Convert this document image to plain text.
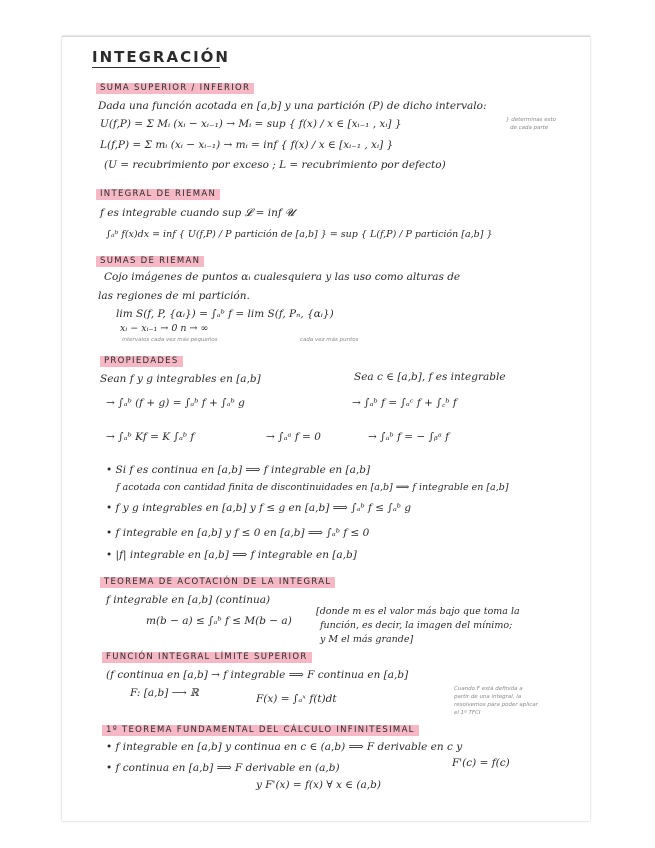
INTEGRACIÓN
SUMA SUPERIOR / INFERIOR
Dada una función acotada en [a,b] y una partición (P) de dicho intervalo:
U(f,P) = Σ Mᵢ (xᵢ − xᵢ₋₁) → Mᵢ = sup { f(x) / x ∈ [xᵢ₋₁ , xᵢ] }
L(f,P) = Σ mᵢ (xᵢ − xᵢ₋₁) → mᵢ = inf { f(x) / x ∈ [xᵢ₋₁ , xᵢ] }
(U = recubrimiento por exceso ; L = recubrimiento por defecto)
} determinas esto
de cada parte
INTEGRAL DE RIEMAN
f es integrable cuando sup 𝓛 = inf 𝓤
∫ₐᵇ f(x)dx = inf { U(f,P) / P partición de [a,b] } = sup { L(f,P) / P partición [a,b] }
SUMAS DE RIEMAN
Cojo imágenes de puntos αᵢ cualesquiera y las uso como alturas de
las regiones de mi partición.
lim S(f, P, {αᵢ}) = ∫ₐᵇ f = lim S(f, Pₙ, {αᵢ})
xᵢ − xᵢ₋₁ → 0 n → ∞
intervalos cada vez más pequeños	cada vez más puntos
PROPIEDADES
Sean f y g integrables en [a,b]	Sea c ∈ [a,b], f es integrable
→ ∫ₐᵇ (f + g) = ∫ₐᵇ f + ∫ₐᵇ g	→ ∫ₐᵇ f = ∫ₐᶜ f + ∫꜀ᵇ f
→ ∫ₐᵇ Kf = K ∫ₐᵇ f	→ ∫ₐᵃ f = 0	→ ∫ₐᵇ f = − ∫ᵦᵃ f
• Si f es continua en [a,b] ⟹ f integrable en [a,b]
f acotada con cantidad finita de discontinuidades en [a,b] ⟹ f integrable en [a,b]
• f y g integrables en [a,b] y f ≤ g en [a,b] ⟹ ∫ₐᵇ f ≤ ∫ₐᵇ g
• f integrable en [a,b] y f ≤ 0 en [a,b] ⟹ ∫ₐᵇ f ≤ 0
• |f| integrable en [a,b] ⟹ f integrable en [a,b]
TEOREMA DE ACOTACIÓN DE LA INTEGRAL
f integrable en [a,b] (continua)
m(b − a) ≤ ∫ₐᵇ f ≤ M(b − a)
[donde m es el valor más bajo que toma la
función, es decir, la imagen del mínimo;
y M el más grande]
FUNCIÓN INTEGRAL LÍMITE SUPERIOR
(f continua en [a,b] → f integrable ⟹ F continua en [a,b]
F: [a,b] ⟶ ℝ	F(x) = ∫ₐˣ f(t)dt
Cuando F está definida a
partir de una integral, la
resolvemos para poder aplicar
el 1º TFCI
1º TEOREMA FUNDAMENTAL DEL CÁLCULO INFINITESIMAL
• f integrable en [a,b] y continua en c ∈ (a,b) ⟹ F derivable en c y
F'(c) = f(c)
• f continua en [a,b] ⟹ F derivable en (a,b)
y F'(x) = f(x) ∀ x ∈ (a,b)
